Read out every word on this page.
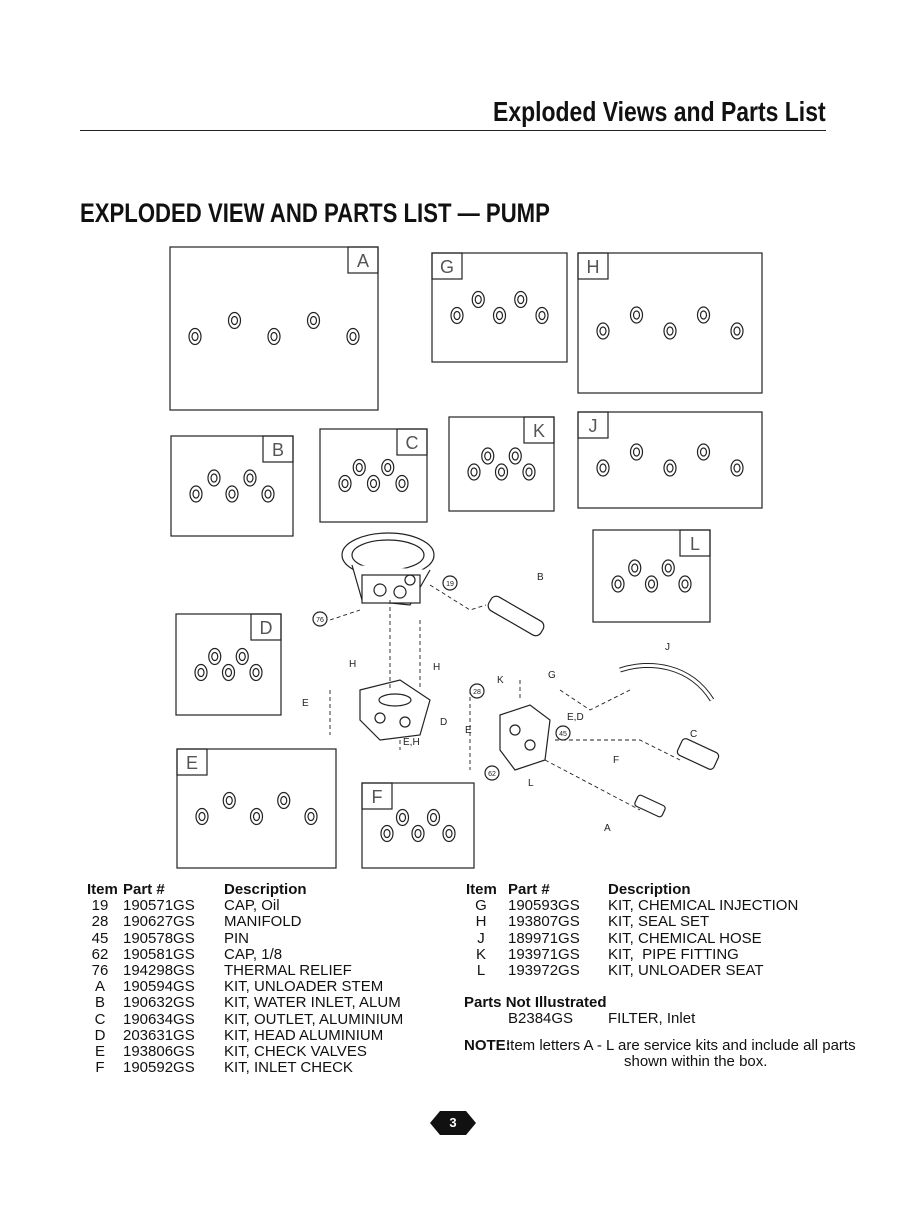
Exploded Views and Parts List
EXPLODED VIEW AND PARTS LIST — PUMP
A	G	H
B	C
K J
L
D
E
F
19
76
28
45
62
B
H	H
E
D
E,H
K	G
E,D
E
J
C
F
L
A
Item Part #	Description
19 190571GS CAP, Oil
28 190627GS MANIFOLD
45 190578GS PIN
62 190581GS CAP, 1/8
76 194298GS THERMAL RELIEF
A	190594GS KIT, UNLOADER STEM
B	190632GS KIT, WATER INLET, ALUM
C	190634GS KIT, OUTLET, ALUMINIUM
D	203631GS KIT, HEAD ALUMINIUM
E	193806GS KIT, CHECK VALVES
F	190592GS KIT, INLET CHECK
Item Part #	Description
G	190593GS KIT, CHEMICAL INJECTION
H	193807GS KIT, SEAL SET
J	189971GS KIT, CHEMICAL HOSE
K	193971GS KIT,  PIPE FITTING
L	193972GS KIT, UNLOADER SEAT
Parts Not Illustrated
B2384GS FILTER, Inlet
NOTE:
Item letters A - L are service kits and include all parts
shown within the box.
3
